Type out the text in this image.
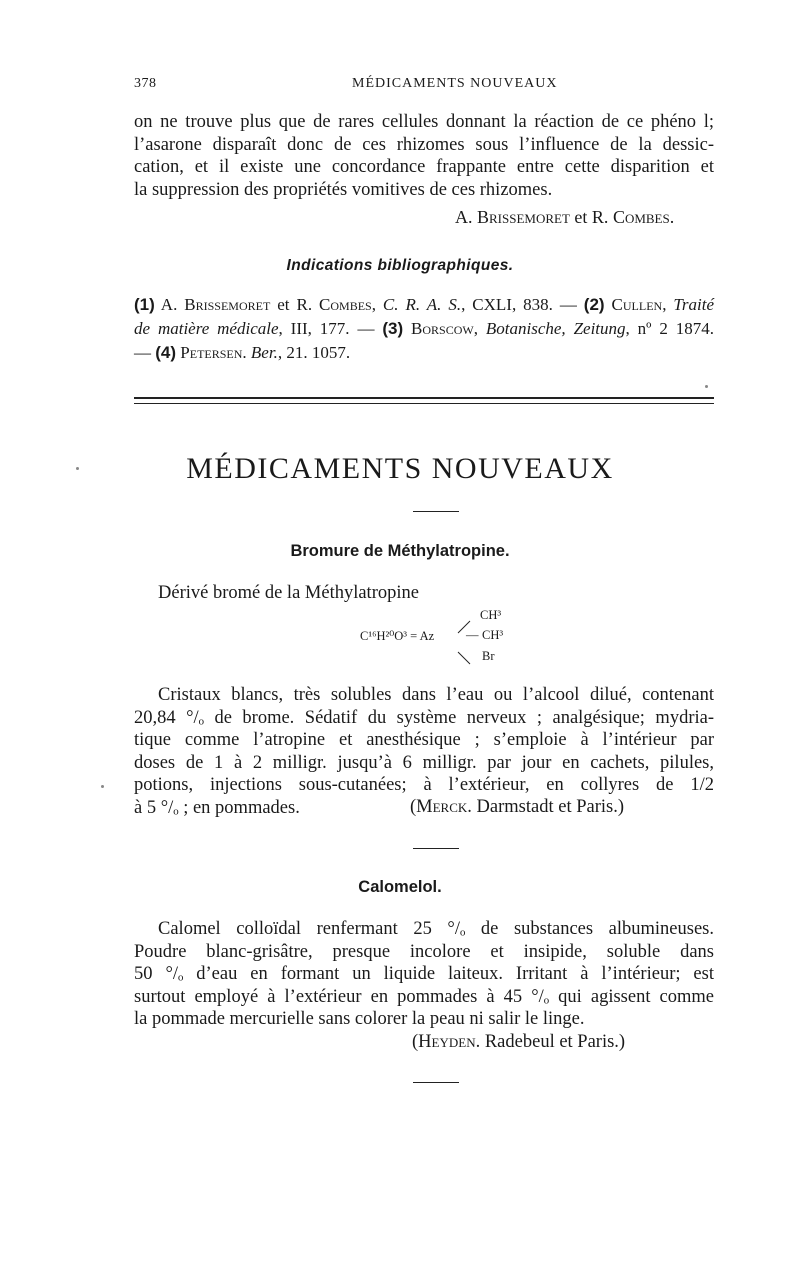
378	MÉDICAMENTS NOUVEAUX
on ne trouve plus que de rares cellules donnant la réaction de ce phéno l;
l’asarone disparaît donc de ces rhizomes sous l’influence de la dessic-
cation, et il existe une concordance frappante entre cette disparition et
la suppression des propriétés vomitives de ces rhizomes.
A. Brissemoret et R. Combes.
Indications bibliographiques.
(1) A. Brissemoret et R. Combes, C. R. A. S., CXLI, 838. — (2) Cullen, Traité
de matière médicale, III, 177. — (3) Borscow, Botanische, Zeitung, nº 2 1874.
— (4) Petersen. Ber., 21. 1057.
MÉDICAMENTS NOUVEAUX
Bromure de Méthylatropine.
Dérivé bromé de la Méthylatropine
C¹⁶H²⁰O³ = Az	—
CH³
CH³
Br
Cristaux blancs, très solubles dans l’eau ou l’alcool dilué, contenant
20,84 °/ₒ de brome. Sédatif du système nerveux ; analgésique; mydria-
tique comme l’atropine et anesthésique ; s’emploie à l’intérieur par
doses de 1 à 2 milligr. jusqu’à 6 milligr. par jour en cachets, pilules,
potions, injections sous-cutanées; à l’extérieur, en collyres de 1/2
à 5 °/ₒ ; en pommades.	(Merck. Darmstadt et Paris.)
Calomelol.
Calomel colloïdal renfermant 25 °/ₒ de substances albumineuses.
Poudre blanc-grisâtre, presque incolore et insipide, soluble dans
50 °/ₒ d’eau en formant un liquide laiteux. Irritant à l’intérieur; est
surtout employé à l’extérieur en pommades à 45 °/ₒ qui agissent comme
la pommade mercurielle sans colorer la peau ni salir le linge.
(Heyden. Radebeul et Paris.)
